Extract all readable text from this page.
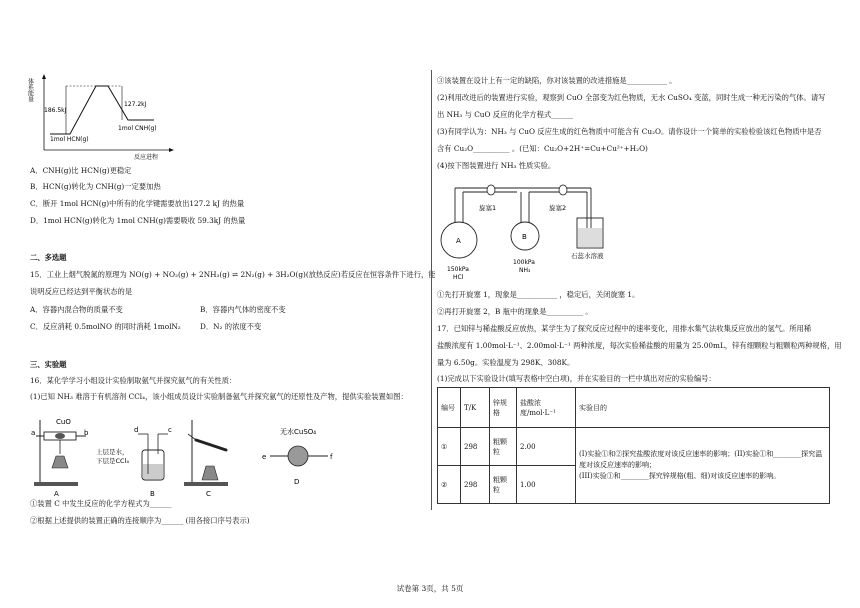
体系能量
186.5kJ
127.2kJ
1mol HCN(g)
1mol CNH(g)
反应进程

A．CNH(g)比 HCN(g)更稳定

B．HCN(g)转化为 CNH(g)一定要加热

C．断开 1mol HCN(g)中所有的化学键需要放出127.2 kJ 的热量

D．1mol HCN(g)转化为 1mol CNH(g)需要吸收 59.3kJ 的热量

二、多选题

15．工业上烟气脱氮的原理为 NO(g) + NO₂(g) + 2NH₃(g) ⇌ 2N₂(g) + 3H₂O(g)(放热反应)若反应在恒容条件下进行，能

说明反应已经达到平衡状态的是

A．容器内混合物的质量不变	B．容器内气体的密度不变

C．反应消耗 0.5molNO 的同时消耗 1molN₂	D．N₂ 的浓度不变

三、实验题

16．某化学学习小组设计实验制取氨气并探究氨气的有关性质：

(1)已知 NH₃ 难溶于有机溶剂 CCl₄，该小组成员设计实验制备氨气并探究氨气的还原性及产物，提供实验装置如图：

CuO
a	b
A
d	c
上层是水，
下层是CCl₄
B	C
无水CuSO₄
e	f
D

①装置 C 中发生反应的化学方程式为______

②根据上述提供的装置正确的连接顺序为______ (用各接口序号表示)

③该装置在设计上有一定的缺陷，你对该装置的改进措施是___________ 。

(2)利用改进后的装置进行实验，观察到 CuO 全部变为红色物质，无水 CuSO₄ 变蓝，同时生成一种无污染的气体。请写

出 NH₃ 与 CuO 反应的化学方程式______

(3)有同学认为：NH₃ 与 CuO 反应生成的红色物质中可能含有 Cu₂O。请你设计一个简单的实验检验该红色物质中是否

含有 Cu₂O__________ 。(已知：Cu₂O+2H⁺=Cu+Cu²⁺+H₂O)

(4)按下图装置进行 NH₃ 性质实验。

旋塞1	旋塞2
A	B
150kPa
HCl
100kPa
NH₃
石蕊水溶液

①先打开旋塞 1，现象是___________ ，稳定后，关闭旋塞 1。

②再打开旋塞 2，B 瓶中的现象是__________ 。

17．已知锌与稀盐酸反应放热，某学生为了探究反应过程中的速率变化，用排水集气法收集反应放出的氢气。所用稀

盐酸浓度有 1.00mol·L⁻¹、2.00mol·L⁻¹ 两种浓度，每次实验稀盐酸的用量为 25.00mL，锌有细颗粒与粗颗粒两种规格，用

量为 6.50g。实验温度为 298K、308K。

(1)完成以下实验设计(填写表格中空白项)，并在实验目的一栏中填出对应的实验编号：

编号	T/K	锌规格	盐酸浓度/mol·L⁻¹	实验目的
①	298	粗颗粒	2.00	(I)实验①和②探究盐酸浓度对该反应速率的影响；(II)实验①和________探究温度对该反应速率的影响；
(III)实验①和________探究锌规格(粗、细)对该反应速率的影响。

②	298	粗颗粒	1.00	
试卷第 3页，共 5页
